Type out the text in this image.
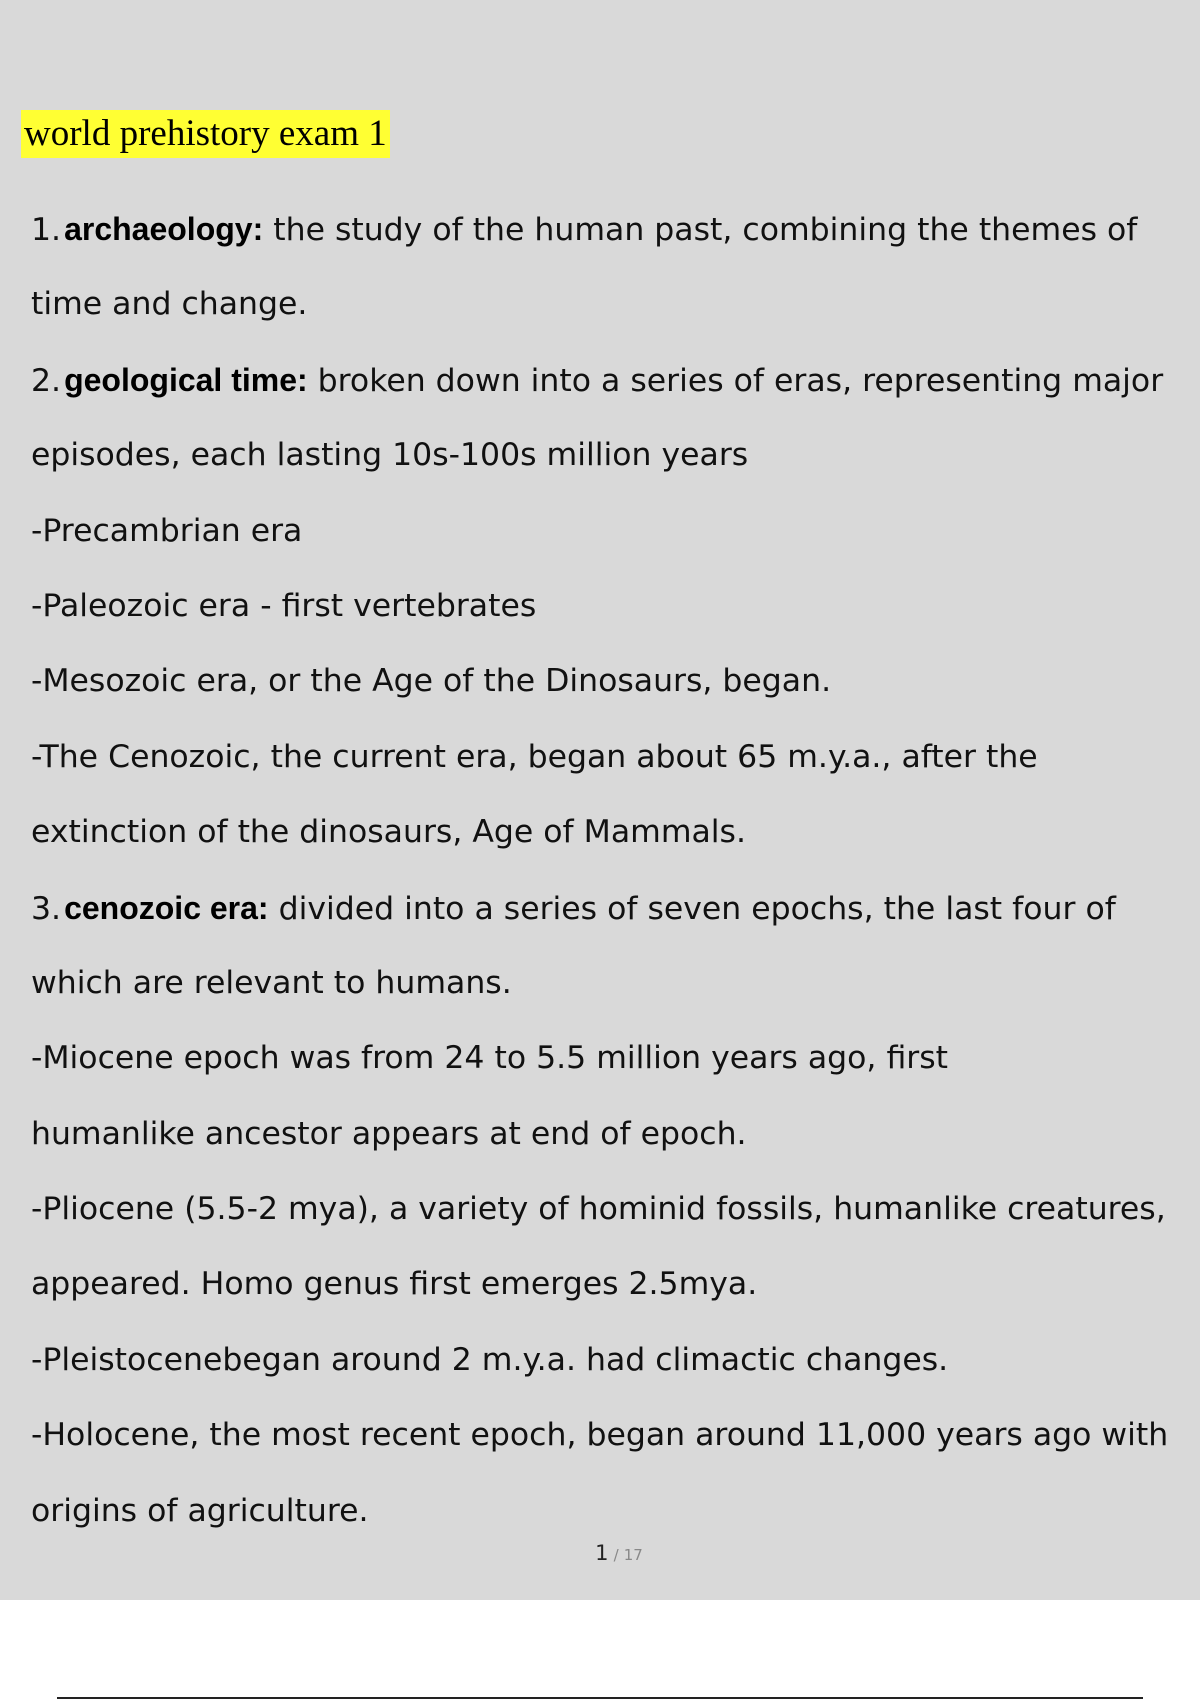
world prehistory exam 1
1.archaeology: the study of the human past, combining the themes of
time and change.
2.geological time: broken down into a series of eras, representing major
episodes, each lasting 10s-100s million years
-Precambrian era
-Paleozoic era - first vertebrates
-Mesozoic era, or the Age of the Dinosaurs, began.
-The Cenozoic, the current era, began about 65 m.y.a., after the
extinction of the dinosaurs, Age of Mammals.
3.cenozoic era: divided into a series of seven epochs, the last four of
which are relevant to humans.
-Miocene epoch was from 24 to 5.5 million years ago, first
humanlike ancestor appears at end of epoch.
-Pliocene (5.5-2 mya), a variety of hominid fossils, humanlike creatures,
appeared. Homo genus first emerges 2.5mya.
-Pleistocenebegan around 2 m.y.a. had climactic changes.
-Holocene, the most recent epoch, began around 11,000 years ago with
origins of agriculture.
1 / 17
